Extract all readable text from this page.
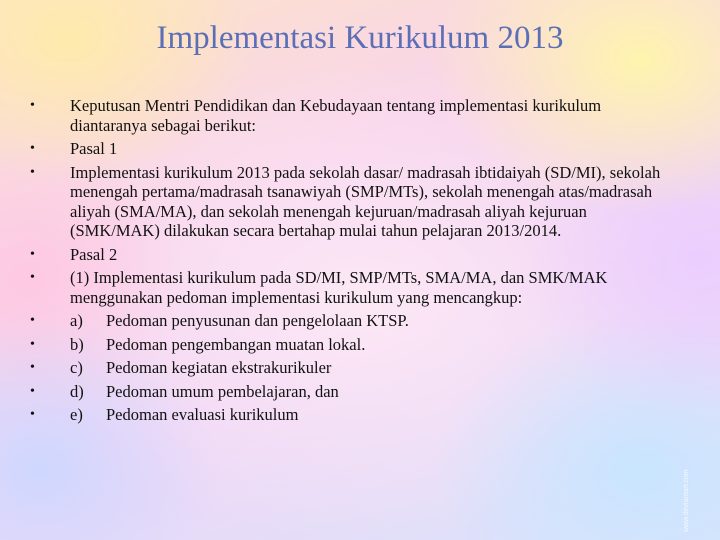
Implementasi Kurikulum 2013
• Keputusan Mentri Pendidikan dan Kebudayaan tentang implementasi kurikulum diantaranya sebagai berikut:
• Pasal 1
• Implementasi kurikulum 2013 pada sekolah dasar/ madrasah ibtidaiyah (SD/MI), sekolah menengah pertama/madrasah tsanawiyah (SMP/MTs), sekolah menengah atas/madrasah aliyah (SMA/MA), dan sekolah menengah kejuruan/madrasah aliyah kejuruan (SMK/MAK) dilakukan secara bertahap mulai tahun pelajaran 2013/2014.
• Pasal 2
• (1) Implementasi kurikulum pada SD/MI, SMP/MTs, SMA/MA, dan SMK/MAK menggunakan pedoman implementasi kurikulum yang mencangkup:
• a) Pedoman penyusunan dan pengelolaan KTSP.
• b) Pedoman pengembangan muatan lokal.
• c) Pedoman kegiatan ekstrakurikuler
• d) Pedoman umum pembelajaran, dan
• e) Pedoman evaluasi kurikulum
www.deviantart.com
